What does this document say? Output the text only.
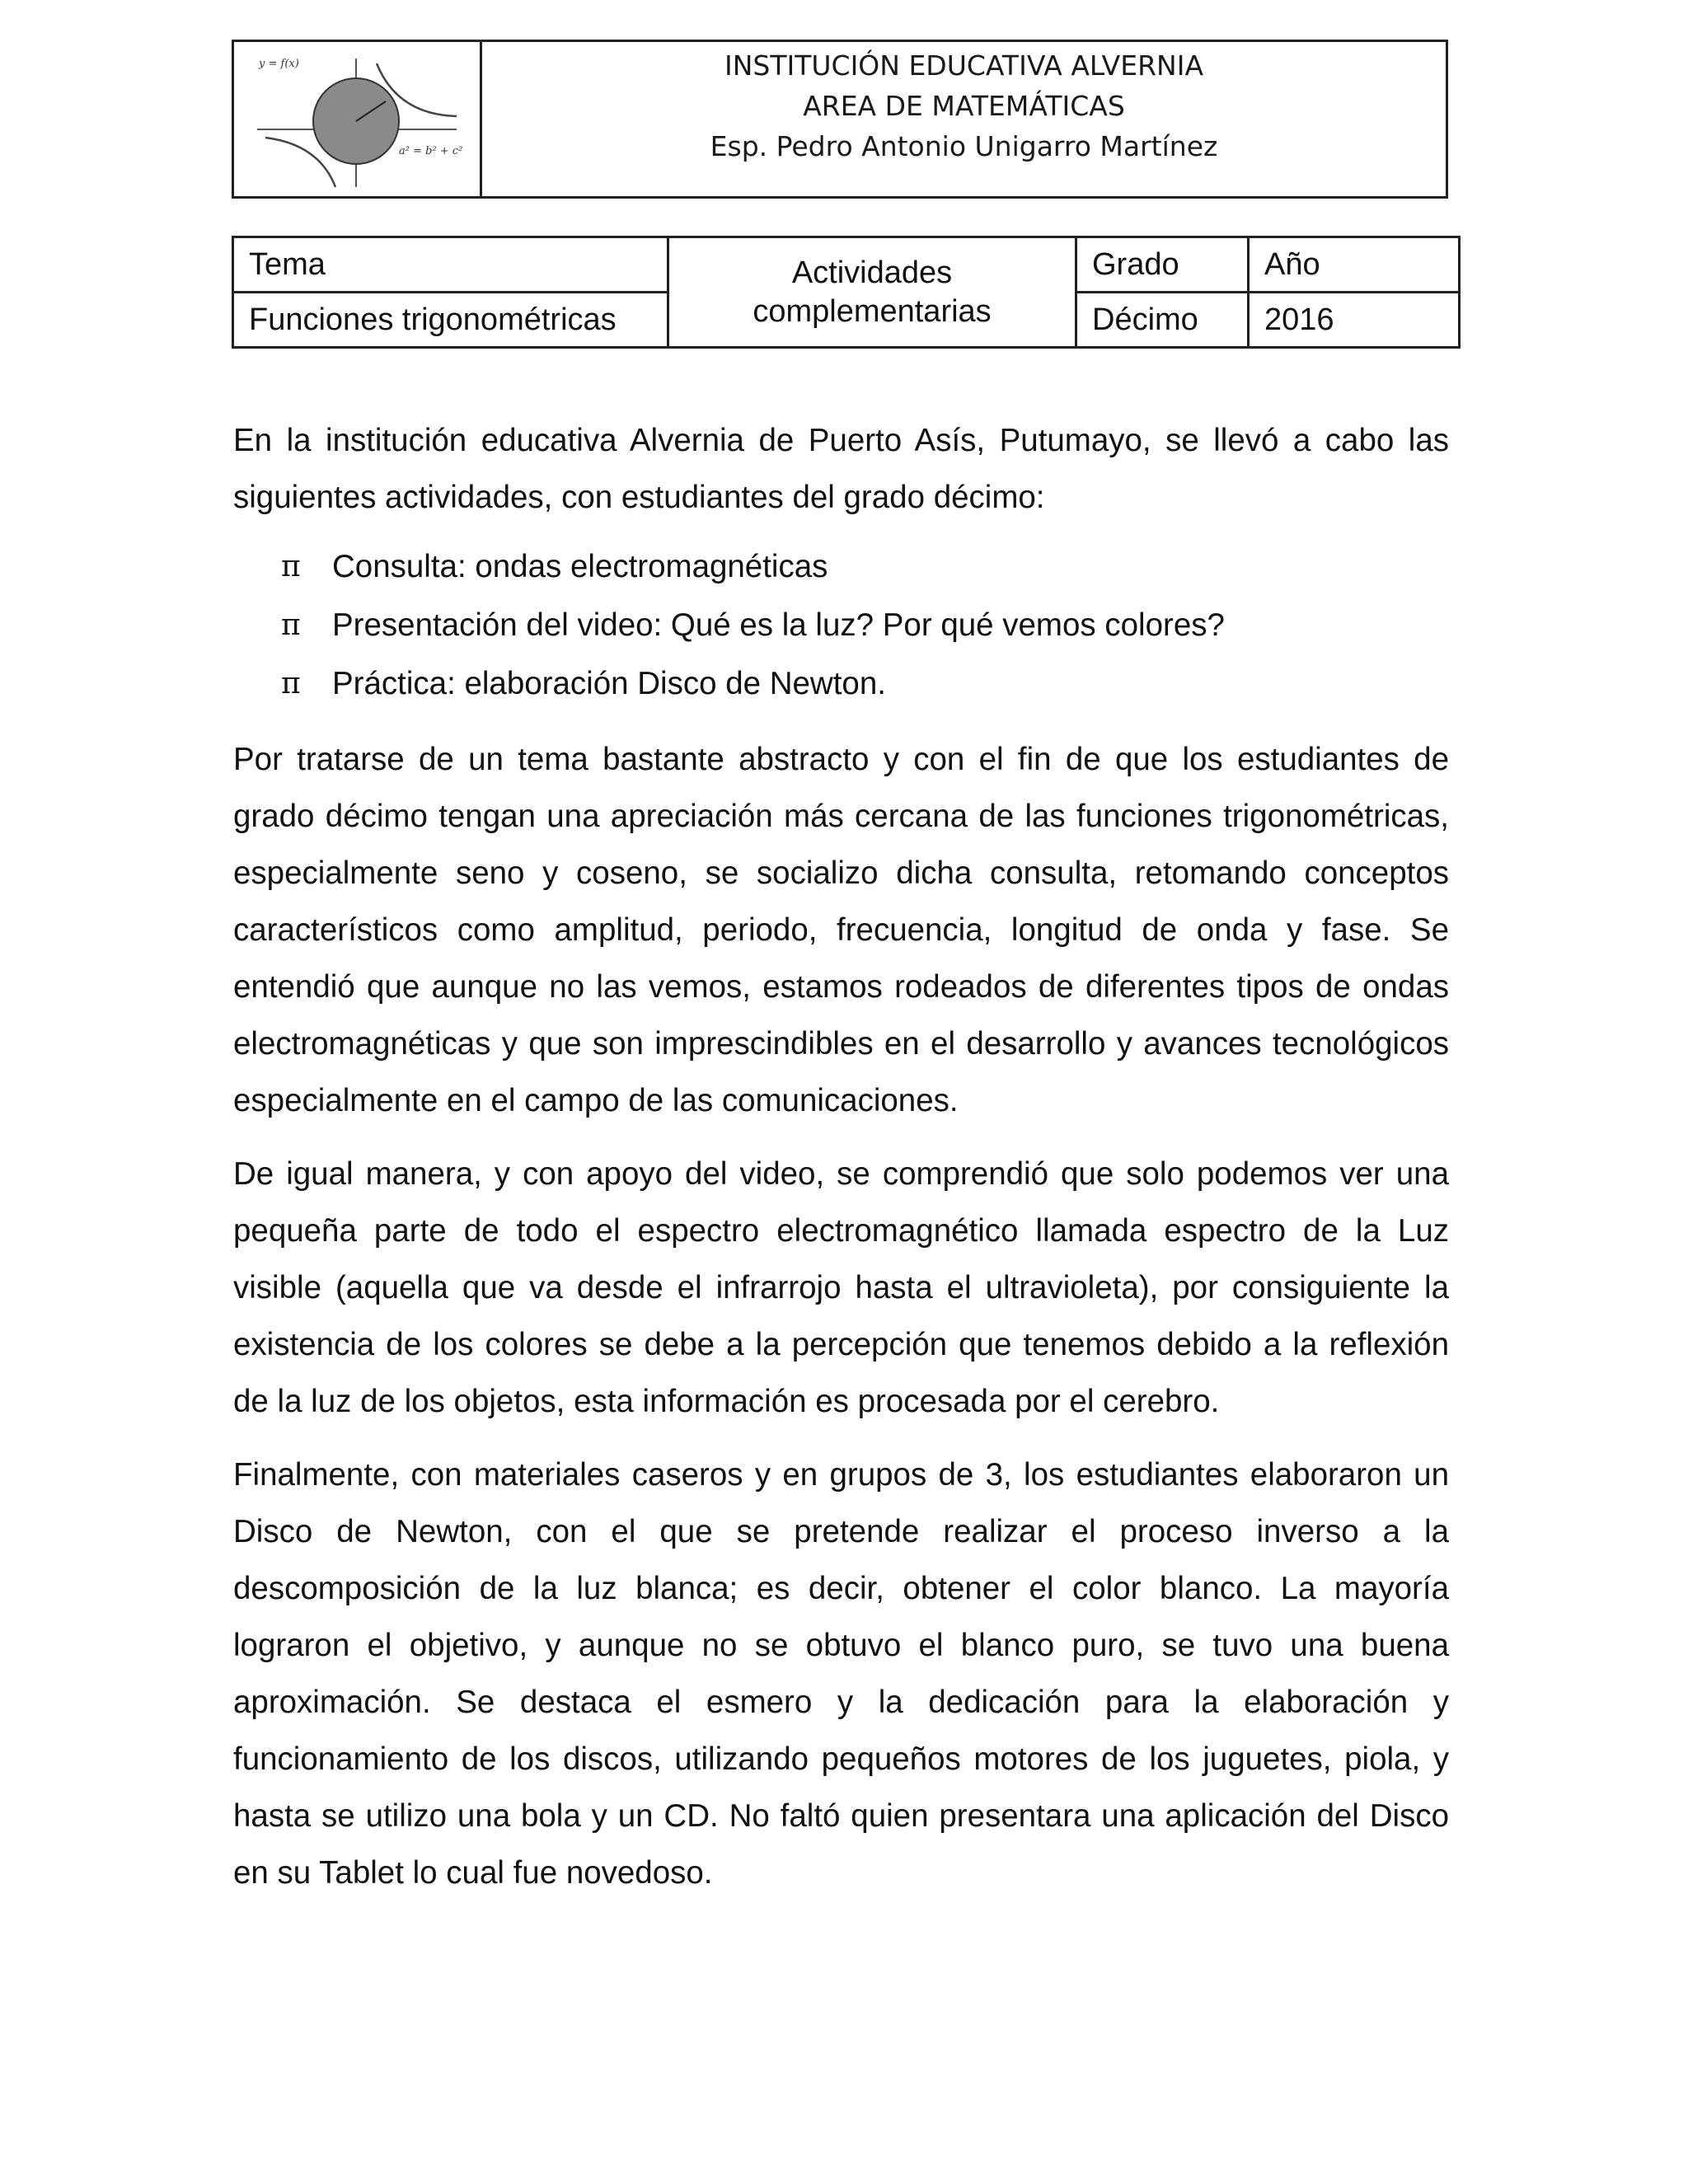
y = f(x)
a² = b² + c²
INSTITUCIÓN EDUCATIVA ALVERNIA
AREA DE MATEMÁTICAS
Esp. Pedro Antonio Unigarro Martínez
Tema	Actividades complementarias	Grado	Año
Funciones trigonométricas		Décimo	2016

En la institución educativa Alvernia de Puerto Asís, Putumayo, se llevó a cabo las siguientes actividades, con estudiantes del grado décimo:

π Consulta: ondas electromagnéticas
π Presentación del video: Qué es la luz? Por qué vemos colores?
π Práctica: elaboración Disco de Newton.

Por tratarse de un tema bastante abstracto y con el fin de que los estudiantes de grado décimo tengan una apreciación más cercana de las funciones trigonométricas, especialmente seno y coseno, se socializo dicha consulta, retomando conceptos característicos como amplitud, periodo, frecuencia, longitud de onda y fase. Se entendió que aunque no las vemos, estamos rodeados de diferentes tipos de ondas electromagnéticas y que son imprescindibles en el desarrollo y avances tecnológicos especialmente en el campo de las comunicaciones.

De igual manera, y con apoyo del video, se comprendió que solo podemos ver una pequeña parte de todo el espectro electromagnético llamada espectro de la Luz visible (aquella que va desde el infrarrojo hasta el ultravioleta), por consiguiente la existencia de los colores se debe a la percepción que tenemos debido a la reflexión de la luz de los objetos, esta información es procesada por el cerebro.

Finalmente, con materiales caseros y en grupos de 3, los estudiantes elaboraron un Disco de Newton, con el que se pretende realizar el proceso inverso a la descomposición de la luz blanca; es decir, obtener el color blanco. La mayoría lograron el objetivo, y aunque no se obtuvo el blanco puro, se tuvo una buena aproximación. Se destaca el esmero y la dedicación para la elaboración y funcionamiento de los discos, utilizando pequeños motores de los juguetes, piola, y hasta se utilizo una bola y un CD. No faltó quien presentara una aplicación del Disco en su Tablet lo cual fue novedoso.
